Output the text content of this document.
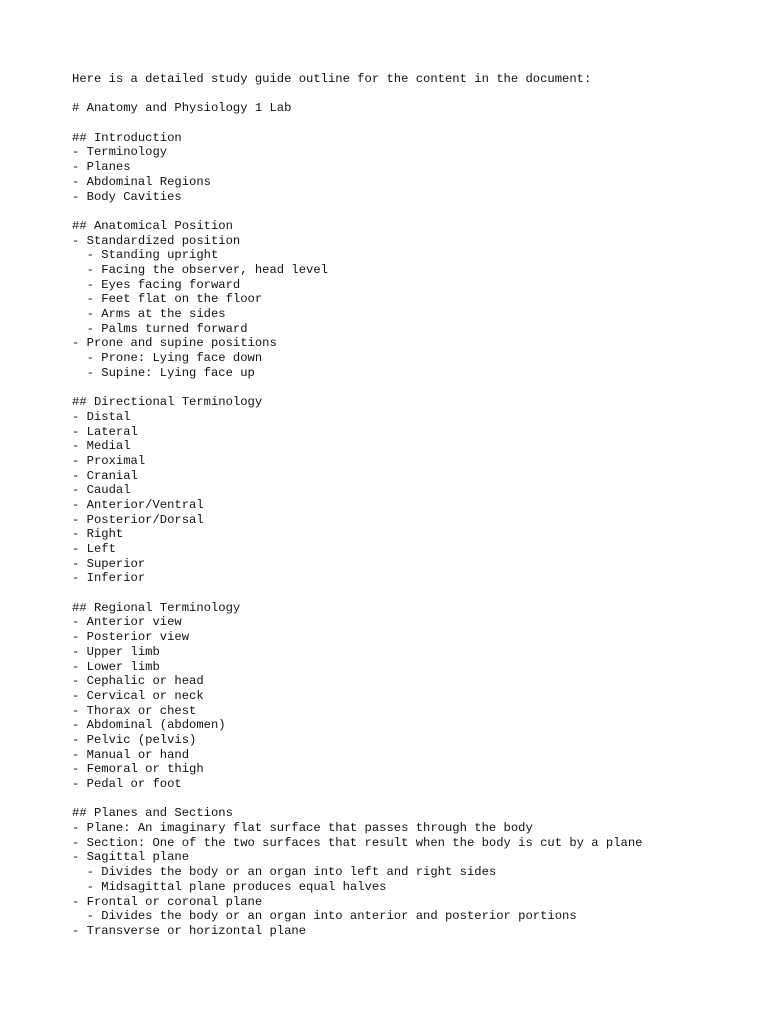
Here is a detailed study guide outline for the content in the document:
# Anatomy and Physiology 1 Lab
## Introduction
- Terminology
- Planes
- Abdominal Regions
- Body Cavities
## Anatomical Position
- Standardized position
- Standing upright
- Facing the observer, head level
- Eyes facing forward
- Feet flat on the floor
- Arms at the sides
- Palms turned forward
- Prone and supine positions
- Prone: Lying face down
- Supine: Lying face up
## Directional Terminology
- Distal
- Lateral
- Medial
- Proximal
- Cranial
- Caudal
- Anterior/Ventral
- Posterior/Dorsal
- Right
- Left
- Superior
- Inferior
## Regional Terminology
- Anterior view
- Posterior view
- Upper limb
- Lower limb
- Cephalic or head
- Cervical or neck
- Thorax or chest
- Abdominal (abdomen)
- Pelvic (pelvis)
- Manual or hand
- Femoral or thigh
- Pedal or foot
## Planes and Sections
- Plane: An imaginary flat surface that passes through the body
- Section: One of the two surfaces that result when the body is cut by a plane
- Sagittal plane
- Divides the body or an organ into left and right sides
- Midsagittal plane produces equal halves
- Frontal or coronal plane
- Divides the body or an organ into anterior and posterior portions
- Transverse or horizontal plane
